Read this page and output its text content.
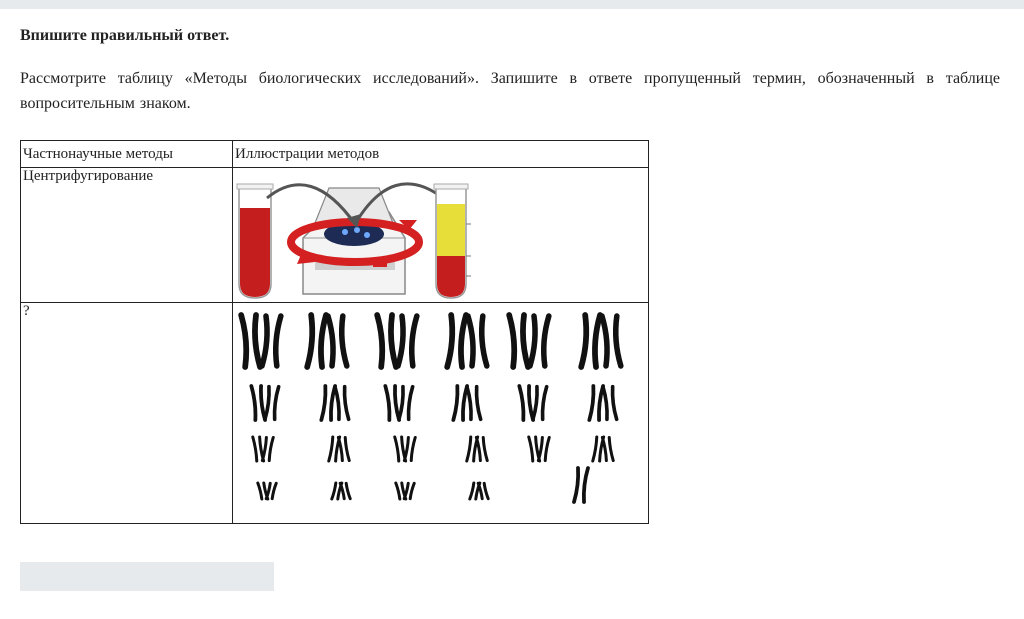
Впишите правильный ответ.
Рассмотрите таблицу «Методы биологических исследований». Запишите в ответе пропущенный термин, обозначенный в таблице вопросительным знаком.
Частнонаучные методы	Иллюстрации методов
Центрифугирование	

?	
